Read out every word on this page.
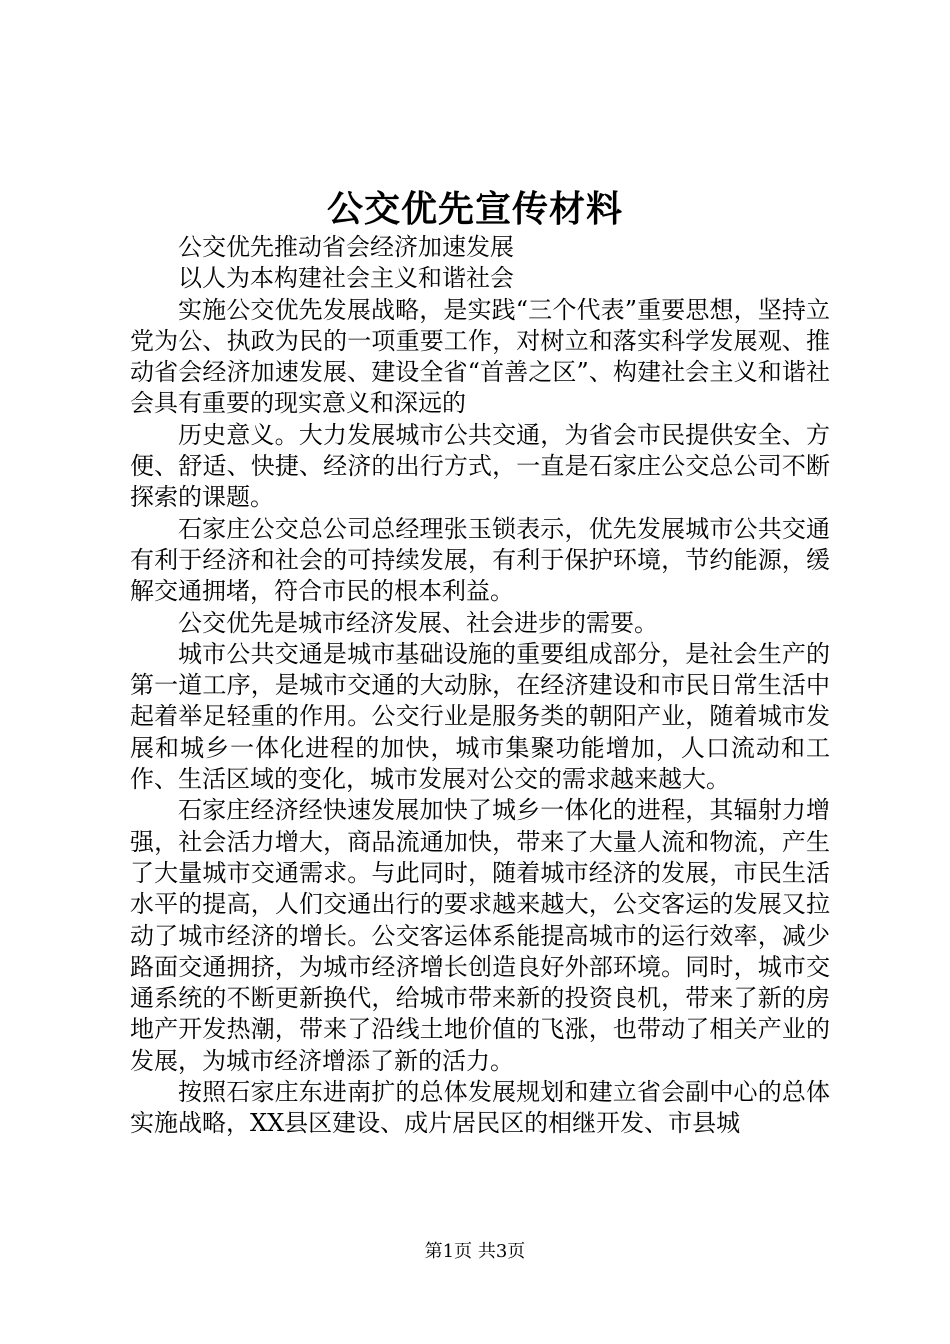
公交优先宣传材料

公交优先推动省会经济加速发展

以人为本构建社会主义和谐社会

实施公交优先发展战略，是实践“三个代表”重要思想，坚持立党为公、执政为民的一项重要工作，对树立和落实科学发展观、推动省会经济加速发展、建设全省“首善之区”、构建社会主义和谐社会具有重要的现实意义和深远的

历史意义。大力发展城市公共交通，为省会市民提供安全、方便、舒适、快捷、经济的出行方式，一直是石家庄公交总公司不断探索的课题。

石家庄公交总公司总经理张玉锁表示，优先发展城市公共交通有利于经济和社会的可持续发展，有利于保护环境，节约能源，缓解交通拥堵，符合市民的根本利益。

公交优先是城市经济发展、社会进步的需要。

城市公共交通是城市基础设施的重要组成部分，是社会生产的第一道工序，是城市交通的大动脉，在经济建设和市民日常生活中起着举足轻重的作用。公交行业是服务类的朝阳产业，随着城市发展和城乡一体化进程的加快，城市集聚功能增加，人口流动和工作、生活区域的变化，城市发展对公交的需求越来越大。

石家庄经济经快速发展加快了城乡一体化的进程，其辐射力增强，社会活力增大，商品流通加快，带来了大量人流和物流，产生了大量城市交通需求。与此同时，随着城市经济的发展，市民生活水平的提高，人们交通出行的要求越来越大，公交客运的发展又拉动了城市经济的增长。公交客运体系能提高城市的运行效率，减少路面交通拥挤，为城市经济增长创造良好外部环境。同时，城市交通系统的不断更新换代，给城市带来新的投资良机，带来了新的房地产开发热潮，带来了沿线土地价值的飞涨，也带动了相关产业的发展，为城市经济增添了新的活力。

按照石家庄东进南扩的总体发展规划和建立省会副中心的总体实施战略，XX县区建设、成片居民区的相继开发、市县城

第1页 共3页
